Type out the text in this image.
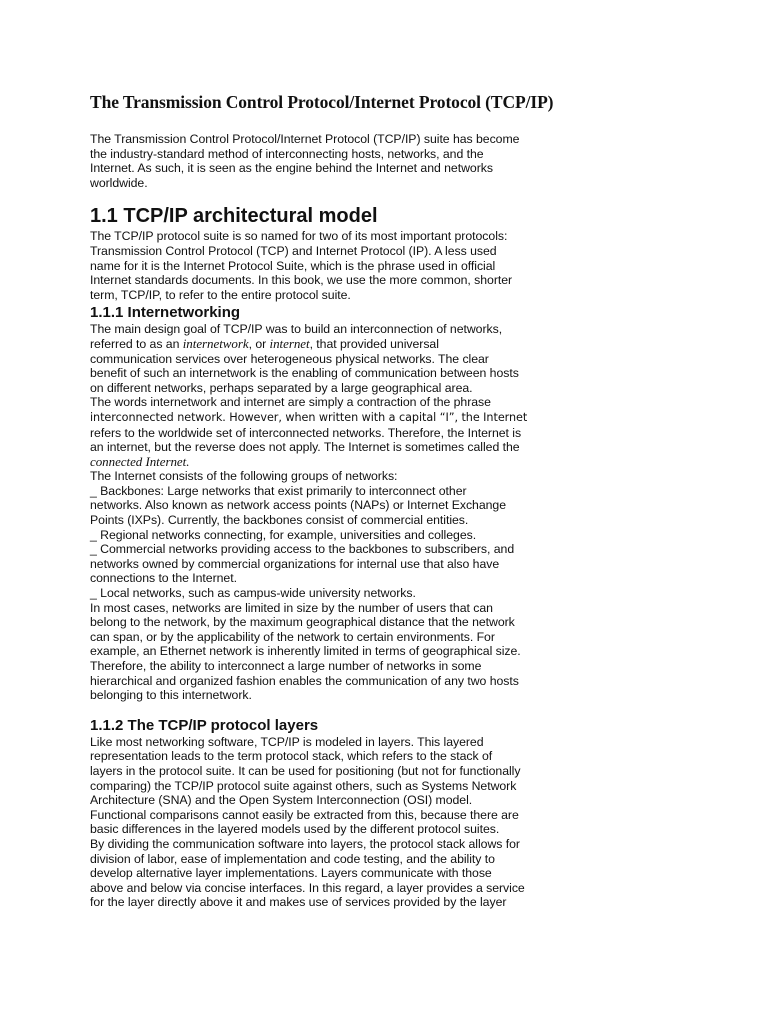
The Transmission Control Protocol/Internet Protocol (TCP/IP)
The Transmission Control Protocol/Internet Protocol (TCP/IP) suite has become
the industry-standard method of interconnecting hosts, networks, and the
Internet. As such, it is seen as the engine behind the Internet and networks
worldwide.
1.1 TCP/IP architectural model
The TCP/IP protocol suite is so named for two of its most important protocols:
Transmission Control Protocol (TCP) and Internet Protocol (IP). A less used
name for it is the Internet Protocol Suite, which is the phrase used in official
Internet standards documents. In this book, we use the more common, shorter
term, TCP/IP, to refer to the entire protocol suite.
1.1.1 Internetworking
The main design goal of TCP/IP was to build an interconnection of networks,
referred to as an internetwork, or internet, that provided universal
communication services over heterogeneous physical networks. The clear
benefit of such an internetwork is the enabling of communication between hosts
on different networks, perhaps separated by a large geographical area.
The words internetwork and internet are simply a contraction of the phrase
interconnected network. However, when written with a capital “I”, the Internet
refers to the worldwide set of interconnected networks. Therefore, the Internet is
an internet, but the reverse does not apply. The Internet is sometimes called the
connected Internet.
The Internet consists of the following groups of networks:
_ Backbones: Large networks that exist primarily to interconnect other
networks. Also known as network access points (NAPs) or Internet Exchange
Points (IXPs). Currently, the backbones consist of commercial entities.
_ Regional networks connecting, for example, universities and colleges.
_ Commercial networks providing access to the backbones to subscribers, and
networks owned by commercial organizations for internal use that also have
connections to the Internet.
_ Local networks, such as campus-wide university networks.
In most cases, networks are limited in size by the number of users that can
belong to the network, by the maximum geographical distance that the network
can span, or by the applicability of the network to certain environments. For
example, an Ethernet network is inherently limited in terms of geographical size.
Therefore, the ability to interconnect a large number of networks in some
hierarchical and organized fashion enables the communication of any two hosts
belonging to this internetwork.
1.1.2 The TCP/IP protocol layers
Like most networking software, TCP/IP is modeled in layers. This layered
representation leads to the term protocol stack, which refers to the stack of
layers in the protocol suite. It can be used for positioning (but not for functionally
comparing) the TCP/IP protocol suite against others, such as Systems Network
Architecture (SNA) and the Open System Interconnection (OSI) model.
Functional comparisons cannot easily be extracted from this, because there are
basic differences in the layered models used by the different protocol suites.
By dividing the communication software into layers, the protocol stack allows for
division of labor, ease of implementation and code testing, and the ability to
develop alternative layer implementations. Layers communicate with those
above and below via concise interfaces. In this regard, a layer provides a service
for the layer directly above it and makes use of services provided by the layer
